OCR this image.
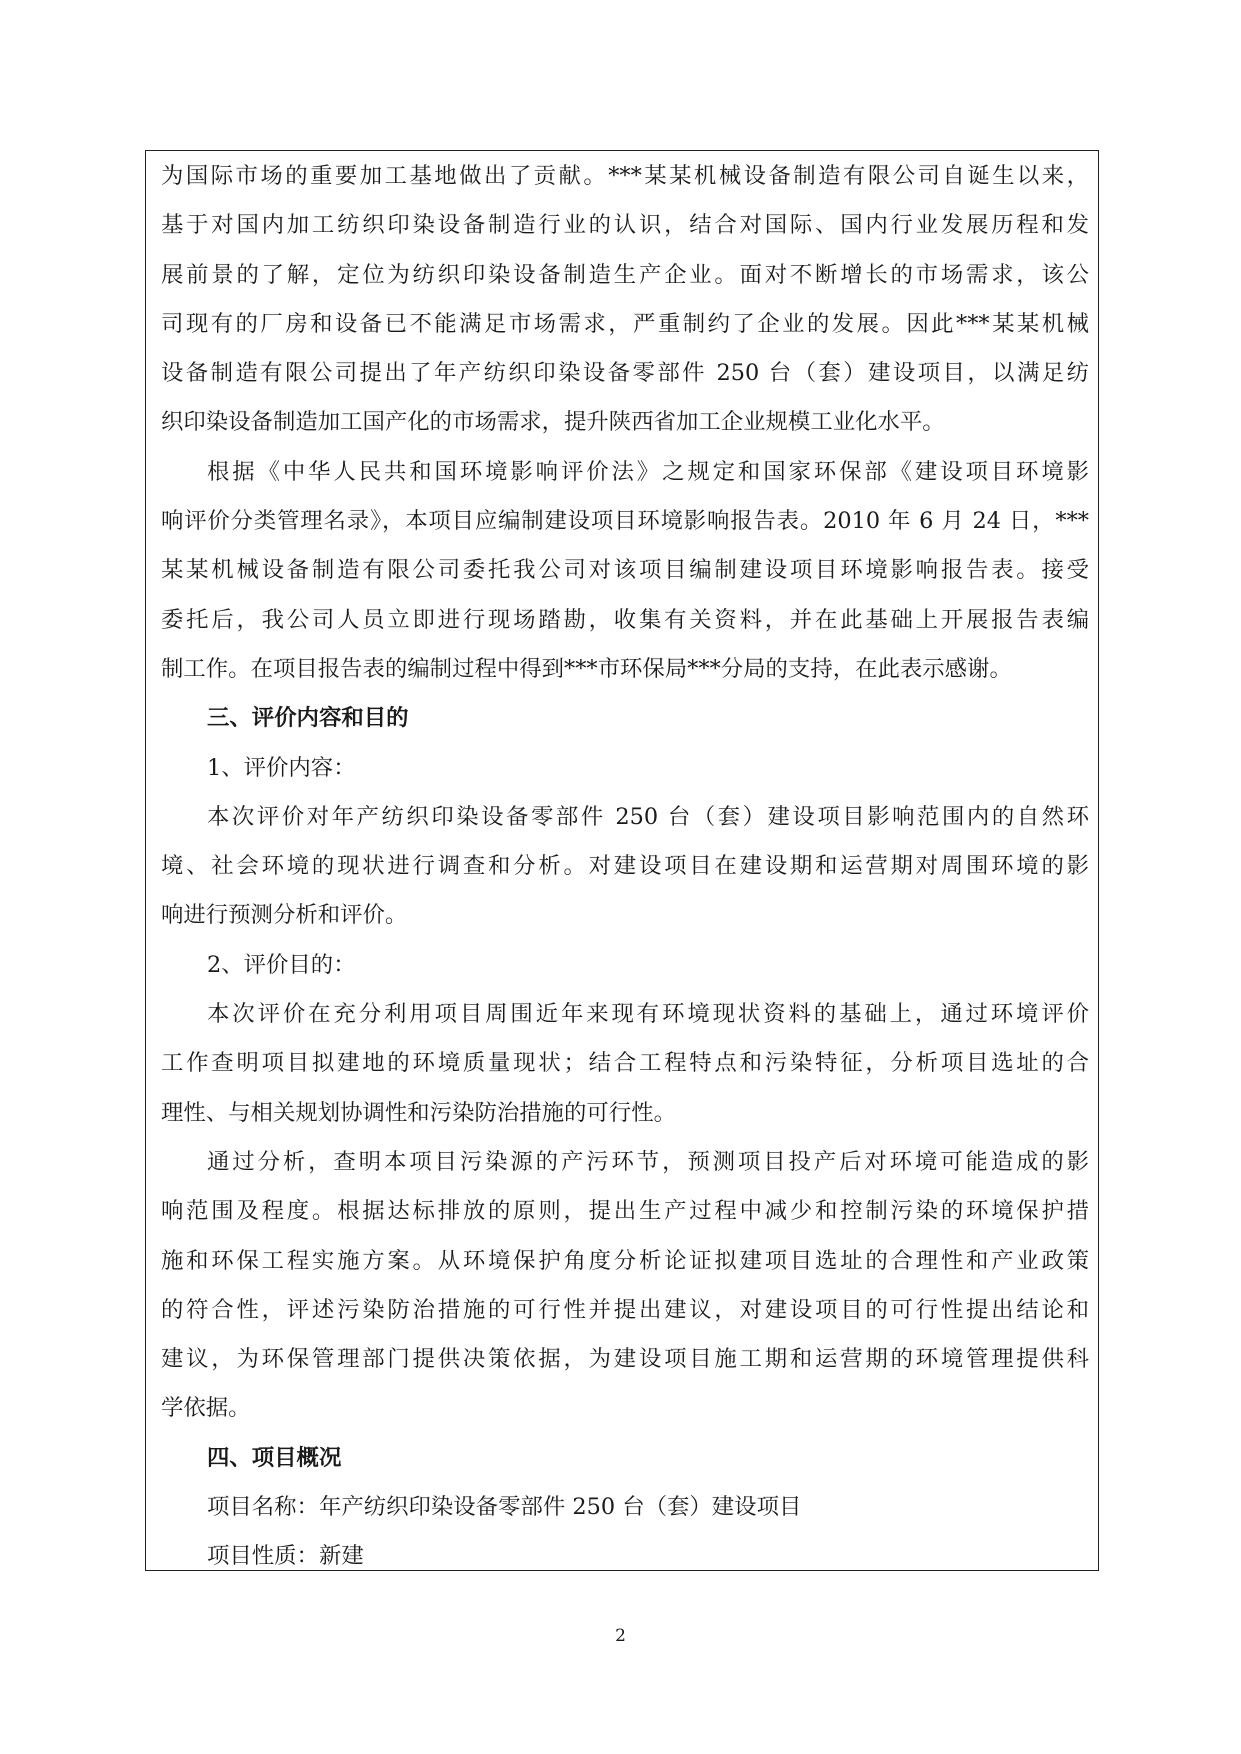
为国际市场的重要加工基地做出了贡献。***某某机械设备制造有限公司自诞生以来，
基于对国内加工纺织印染设备制造行业的认识，结合对国际、国内行业发展历程和发
展前景的了解，定位为纺织印染设备制造生产企业。面对不断增长的市场需求，该公
司现有的厂房和设备已不能满足市场需求，严重制约了企业的发展。因此***某某机械
设备制造有限公司提出了年产纺织印染设备零部件 250 台（套）建设项目，以满足纺
织印染设备制造加工国产化的市场需求，提升陕西省加工企业规模工业化水平。
根据《中华人民共和国环境影响评价法》之规定和国家环保部《建设项目环境影
响评价分类管理名录》，本项目应编制建设项目环境影响报告表。2010 年 6 月 24 日，***
某某机械设备制造有限公司委托我公司对该项目编制建设项目环境影响报告表。接受
委托后，我公司人员立即进行现场踏勘，收集有关资料，并在此基础上开展报告表编
制工作。在项目报告表的编制过程中得到***市环保局***分局的支持，在此表示感谢。
三、评价内容和目的
1、评价内容：
本次评价对年产纺织印染设备零部件 250 台（套）建设项目影响范围内的自然环
境、社会环境的现状进行调查和分析。对建设项目在建设期和运营期对周围环境的影
响进行预测分析和评价。
2、评价目的：
本次评价在充分利用项目周围近年来现有环境现状资料的基础上，通过环境评价
工作查明项目拟建地的环境质量现状；结合工程特点和污染特征，分析项目选址的合
理性、与相关规划协调性和污染防治措施的可行性。
通过分析，查明本项目污染源的产污环节，预测项目投产后对环境可能造成的影
响范围及程度。根据达标排放的原则，提出生产过程中减少和控制污染的环境保护措
施和环保工程实施方案。从环境保护角度分析论证拟建项目选址的合理性和产业政策
的符合性，评述污染防治措施的可行性并提出建议，对建设项目的可行性提出结论和
建议，为环保管理部门提供决策依据，为建设项目施工期和运营期的环境管理提供科
学依据。
四、项目概况
项目名称：年产纺织印染设备零部件 250 台（套）建设项目
项目性质：新建
2
